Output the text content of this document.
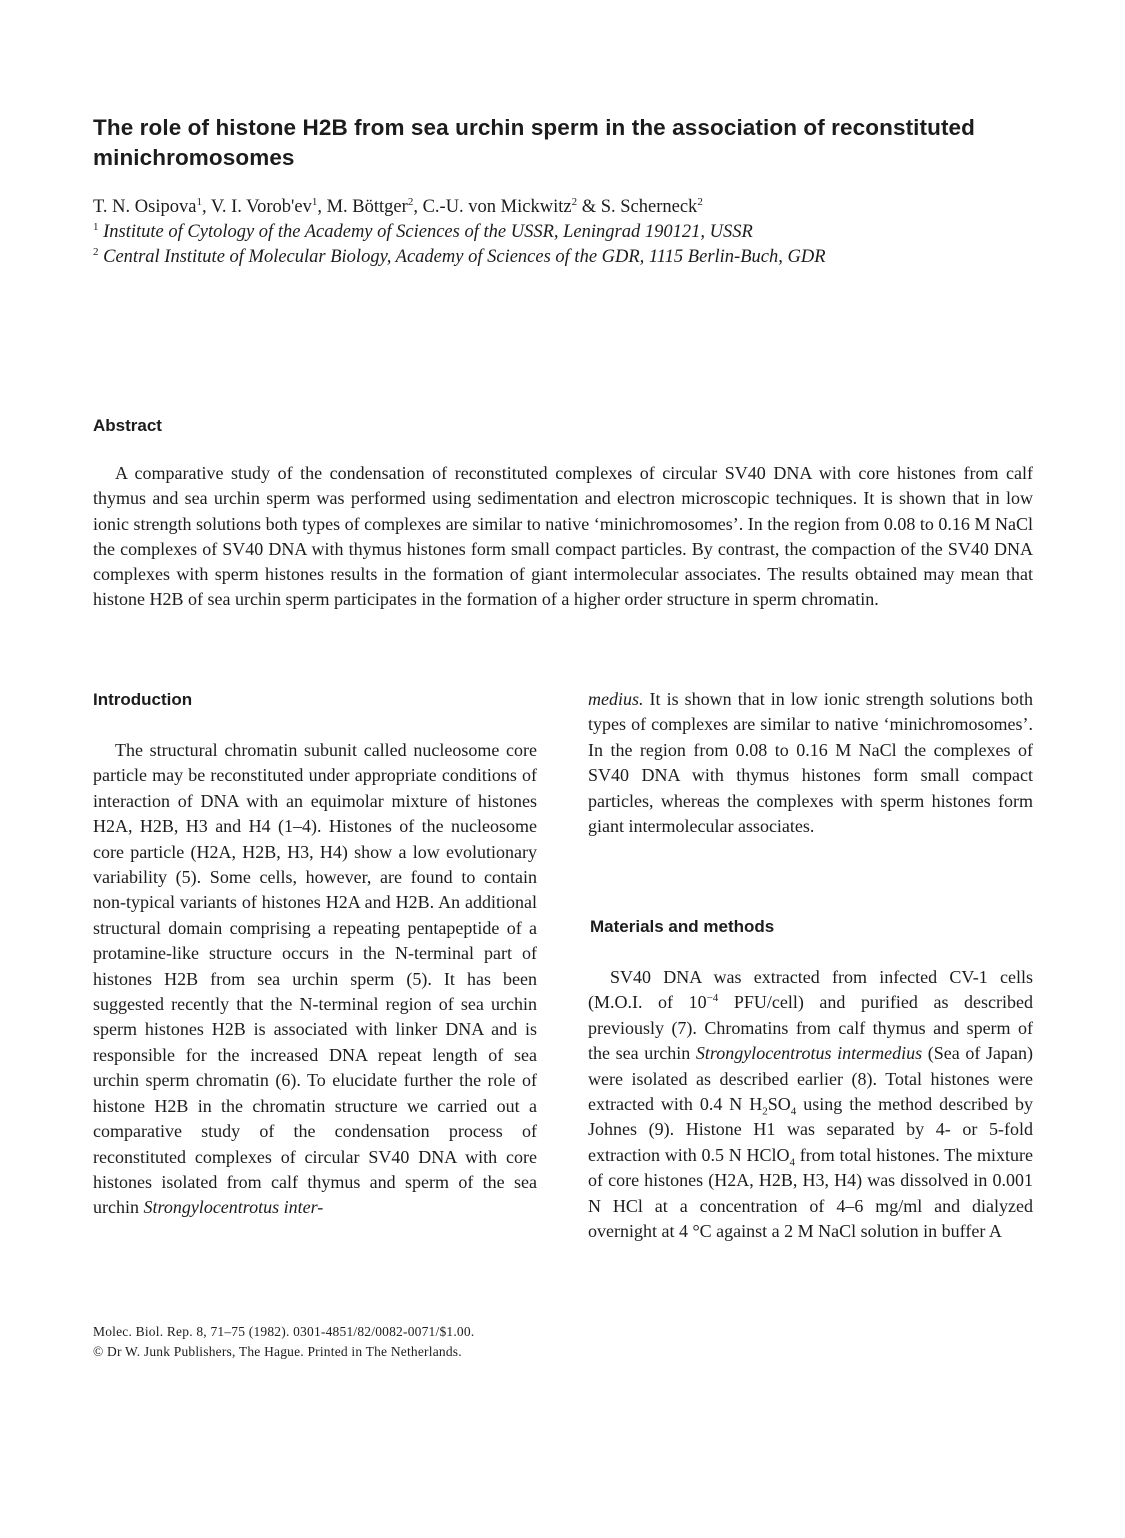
The role of histone H2B from sea urchin sperm in the association of reconstituted minichromosomes
T. N. Osipova$^1$, V. I. $Vorob'ev^1$, M. Böttger$^2$, C.-U. von Mickwitz$^2$ & S. Scherneck$^2$
$^1$ Institute of Cytology of the Academy of Sciences of the USSR, Leningrad 190121, USSR
$^2$ Central Institute of Molecular Biology, Academy of Sciences of the GDR, 1115 Berlin-Buch, GDR
Abstract

A comparative study of the condensation of reconstituted complexes of circular SV40 DNA with core histones from calf thymus and sea urchin sperm was performed using sedimentation and electron microscopic techniques. It is shown that in low ionic strength solutions both types of complexes are similar to native ‘minichromosomes’. In the region from 0.08 to 0.16 M NaCl the complexes of SV40 DNA with thymus histones form small compact particles. By contrast, the compaction of the SV40 DNA complexes with sperm histones results in the formation of giant intermolecular associates. The results obtained may mean that histone H2B of sea urchin sperm participates in the formation of a higher order structure in sperm chromatin.

Introduction

The structural chromatin subunit called nucleosome core particle may be reconstituted under appropriate conditions of interaction of DNA with an equimolar mixture of histones H2A, H2B, H3 and H4 (1–4). Histones of the nucleosome core particle (H2A, H2B, H3, H4) show a low evolutionary variability (5). Some cells, however, are found to contain non-typical variants of histones H2A and H2B. An additional structural domain comprising a repeating pentapeptide of a protamine-like structure occurs in the N-terminal part of histones H2B from sea urchin sperm (5). It has been suggested recently that the N-terminal region of sea urchin sperm histones H2B is associated with linker DNA and is responsible for the increased DNA repeat length of sea urchin sperm chromatin (6). To elucidate further the role of histone H2B in the chromatin structure we carried out a comparative study of the condensation process of reconstituted complexes of circular SV40 DNA with core histones isolated from calf thymus and sperm of the sea urchin Strongylocentrotus inter-

medius. It is shown that in low ionic strength solutions both types of complexes are similar to native ‘minichromosomes’. In the region from 0.08 to 0.16 M NaCl the complexes of SV40 DNA with thymus histones form small compact particles, whereas the complexes with sperm histones form giant intermolecular associates.

Materials and methods

SV40 DNA was extracted from infected CV-1 cells (M.O.I. of $10^{-4}$ PFU/cell) and purified as described previously (7). Chromatins from calf thymus and sperm of the sea urchin Strongylocentrotus intermedius (Sea of Japan) were isolated as described earlier (8). Total histones were extracted with 0.4 N $H_2SO_4$ using the method described by Johnes (9). Histone H1 was separated by 4- or 5-fold extraction with 0.5 N HClO$_4$ from total histones. The mixture of core histones (H2A, H2B, H3, H4) was dissolved in 0.001 N HCl at a concentration of 4–6 mg/ml and dialyzed overnight at 4 °C against a 2 M NaCl solution in buffer A

Molec. Biol. Rep. 8, 71–75 (1982). 0301-4851/82/0082-0071/$1.00.
© Dr W. Junk Publishers, The Hague. Printed in The Netherlands.
